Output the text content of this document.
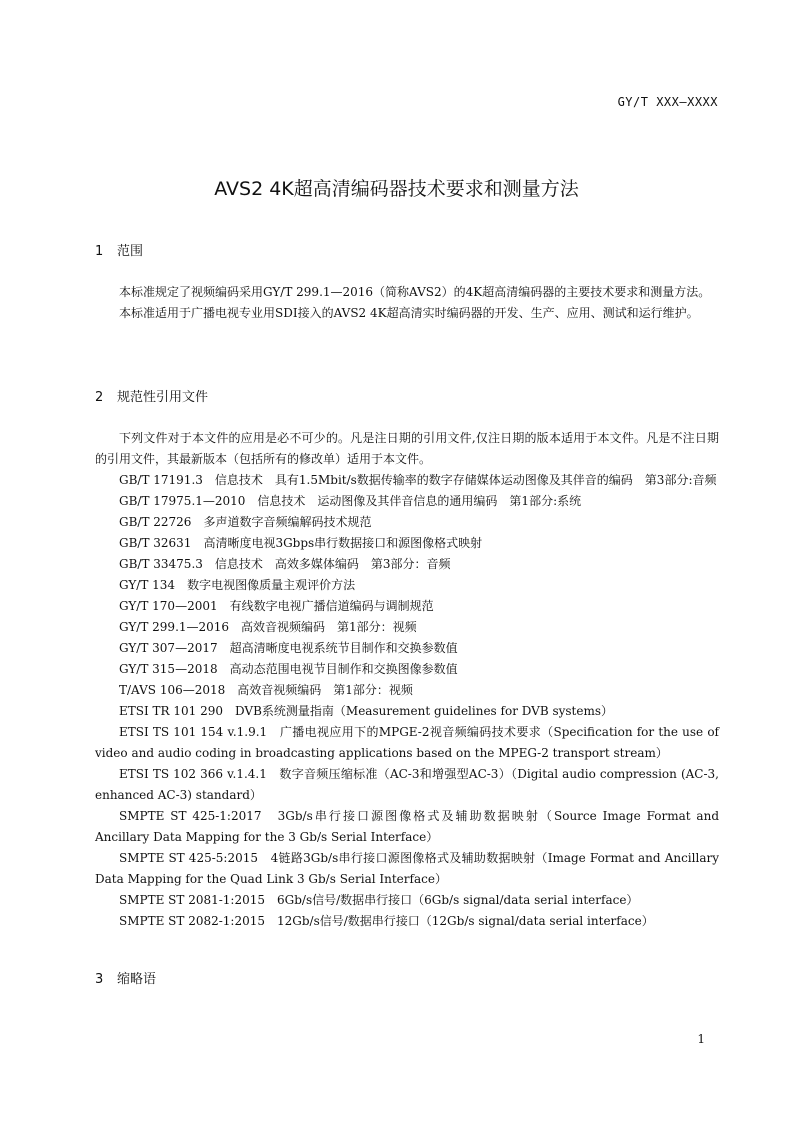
GY/T XXX—XXXX
AVS2 4K超高清编码器技术要求和测量方法
1 范围

本标准规定了视频编码采用GY/T 299.1—2016（简称AVS2）的4K超高清编码器的主要技术要求和测量方法。

本标准适用于广播电视专业用SDI接入的AVS2 4K超高清实时编码器的开发、生产、应用、测试和运行维护。

2 规范性引用文件

下列文件对于本文件的应用是必不可少的。凡是注日期的引用文件,仅注日期的版本适用于本文件。凡是不注日期的引用文件，其最新版本（包括所有的修改单）适用于本文件。

GB/T 17191.3　信息技术　具有1.5Mbit/s数据传输率的数字存储媒体运动图像及其伴音的编码　第3部分:音频

GB/T 17975.1—2010　信息技术　运动图像及其伴音信息的通用编码　第1部分:系统

GB/T 22726　多声道数字音频编解码技术规范

GB/T 32631　高清晰度电视3Gbps串行数据接口和源图像格式映射

GB/T 33475.3　信息技术　高效多媒体编码　第3部分：音频

GY/T 134　数字电视图像质量主观评价方法

GY/T 170—2001　有线数字电视广播信道编码与调制规范

GY/T 299.1—2016　高效音视频编码　第1部分：视频

GY/T 307—2017　超高清晰度电视系统节目制作和交换参数值

GY/T 315—2018　高动态范围电视节目制作和交换图像参数值

T/AVS 106—2018　高效音视频编码　第1部分：视频

ETSI TR 101 290　DVB系统测量指南（Measurement guidelines for DVB systems）

ETSI TS 101 154 v.1.9.1　广播电视应用下的MPGE-2视音频编码技术要求（Specification for the use of video and audio coding in broadcasting applications based on the MPEG-2 transport stream）

ETSI TS 102 366 v.1.4.1　数字音频压缩标准（AC-3和增强型AC-3）（Digital audio compression (AC-3, enhanced AC-3) standard）

SMPTE ST 425-1:2017　3Gb/s串行接口源图像格式及辅助数据映射（Source Image Format and Ancillary Data Mapping for the 3 Gb/s Serial Interface）

SMPTE ST 425-5:2015　4链路3Gb/s串行接口源图像格式及辅助数据映射（Image Format and Ancillary Data Mapping for the Quad Link 3 Gb/s Serial Interface）

SMPTE ST 2081-1:2015　6Gb/s信号/数据串行接口（6Gb/s signal/data serial interface）

SMPTE ST 2082-1:2015　12Gb/s信号/数据串行接口（12Gb/s signal/data serial interface）

3 缩略语
1
